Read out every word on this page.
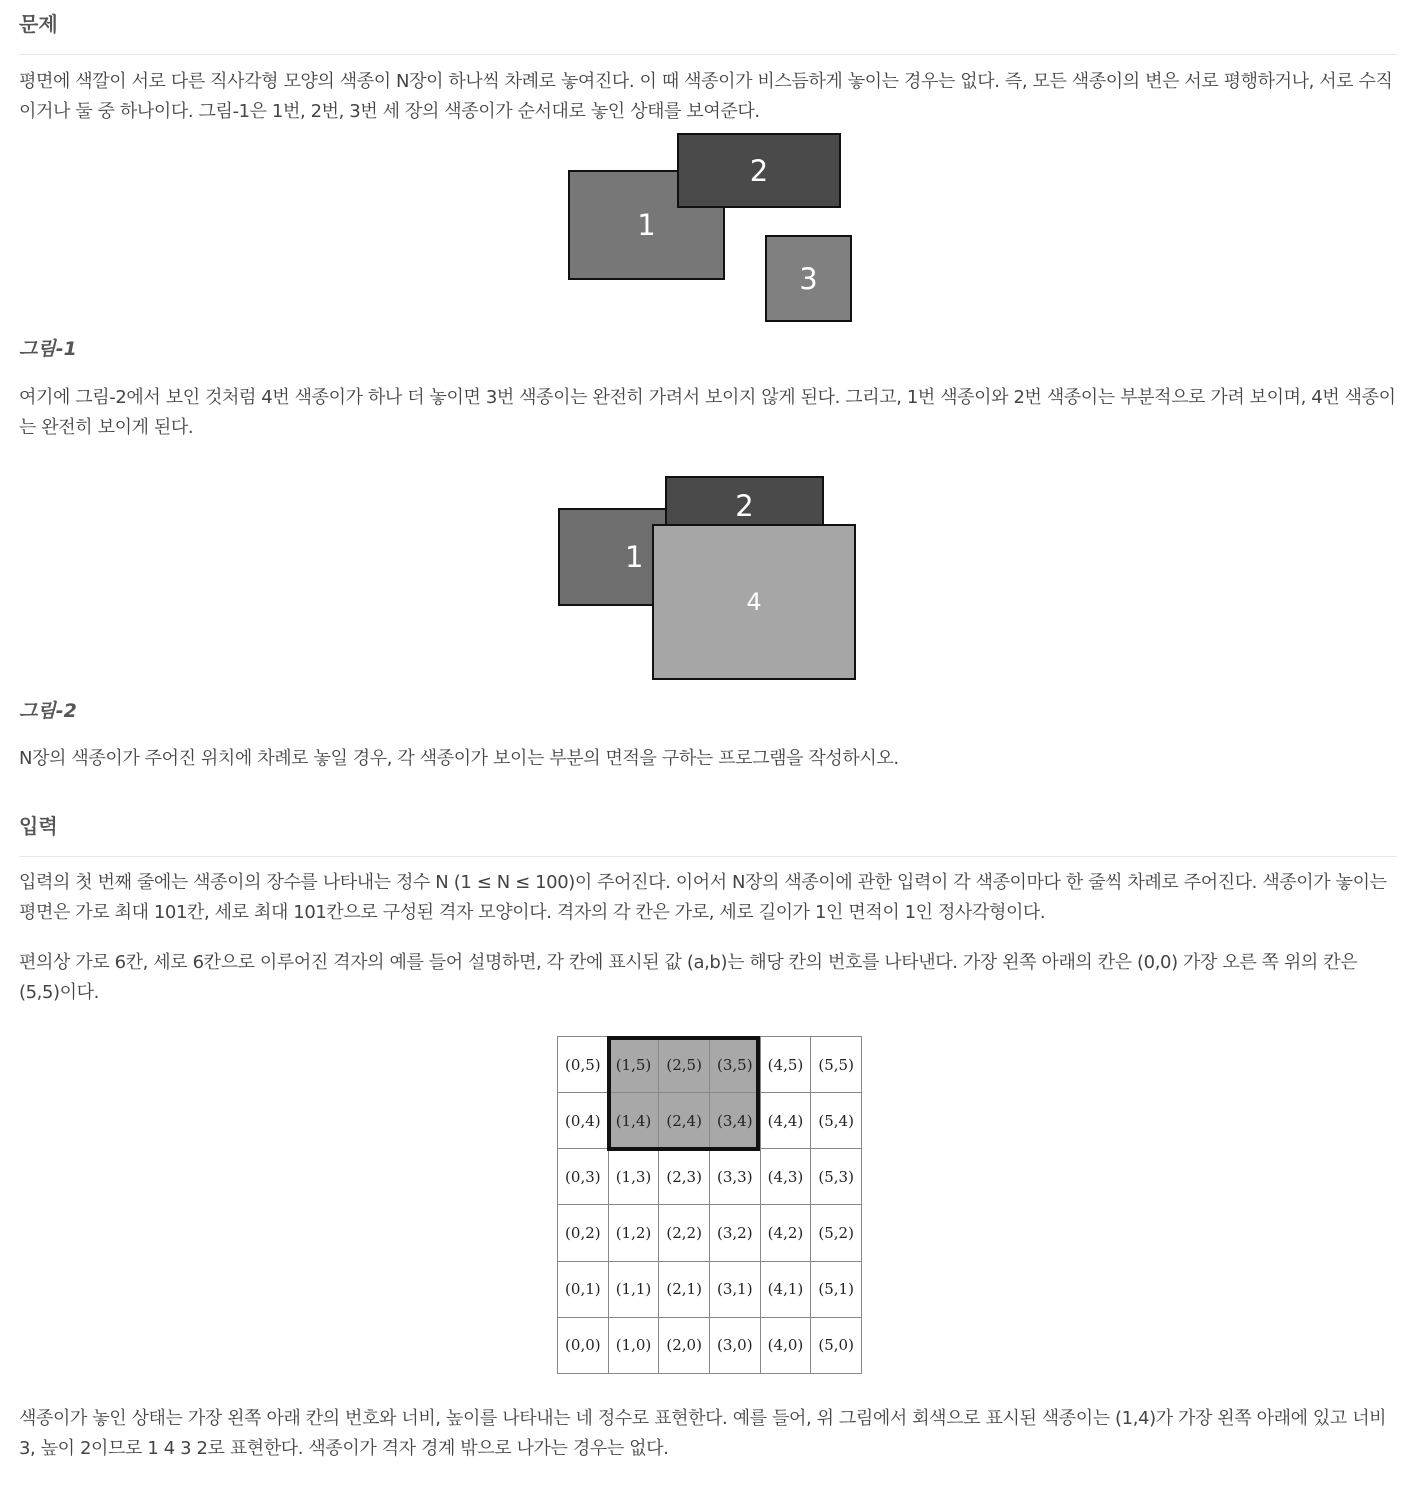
문제

평면에 색깔이 서로 다른 직사각형 모양의 색종이 N장이 하나씩 차례로 놓여진다. 이 때 색종이가 비스듬하게 놓이는 경우는 없다. 즉, 모든 색종이의 변은 서로 평행하거나, 서로 수직이거나 둘 중 하나이다. 그림-1은 1번, 2번, 3번 세 장의 색종이가 순서대로 놓인 상태를 보여준다.

1
2
3

그림-1

여기에 그림-2에서 보인 것처럼 4번 색종이가 하나 더 놓이면 3번 색종이는 완전히 가려서 보이지 않게 된다. 그리고, 1번 색종이와 2번 색종이는 부분적으로 가려 보이며, 4번 색종이는 완전히 보이게 된다.

1
2
4

그림-2

N장의 색종이가 주어진 위치에 차례로 놓일 경우, 각 색종이가 보이는 부분의 면적을 구하는 프로그램을 작성하시오.

입력

입력의 첫 번째 줄에는 색종이의 장수를 나타내는 정수 N (1 ≤ N ≤ 100)이 주어진다. 이어서 N장의 색종이에 관한 입력이 각 색종이마다 한 줄씩 차례로 주어진다. 색종이가 놓이는 평면은 가로 최대 101칸, 세로 최대 101칸으로 구성된 격자 모양이다. 격자의 각 칸은 가로, 세로 길이가 1인 면적이 1인 정사각형이다.

편의상 가로 6칸, 세로 6칸으로 이루어진 격자의 예를 들어 설명하면, 각 칸에 표시된 값 (a,b)는 해당 칸의 번호를 나타낸다. 가장 왼쪽 아래의 칸은 (0,0) 가장 오른 쪽 위의 칸은 (5,5)이다.

(0,5)	(1,5)	(2,5)	(3,5)	(4,5)	(5,5)
(0,4)	(1,4)	(2,4)	(3,4)	(4,4)	(5,4)
(0,3)	(1,3)	(2,3)	(3,3)	(4,3)	(5,3)
(0,2)	(1,2)	(2,2)	(3,2)	(4,2)	(5,2)
(0,1)	(1,1)	(2,1)	(3,1)	(4,1)	(5,1)
(0,0)	(1,0)	(2,0)	(3,0)	(4,0)	(5,0)

색종이가 놓인 상태는 가장 왼쪽 아래 칸의 번호와 너비, 높이를 나타내는 네 정수로 표현한다. 예를 들어, 위 그림에서 회색으로 표시된 색종이는 (1,4)가 가장 왼쪽 아래에 있고 너비 3, 높이 2이므로 1 4 3 2로 표현한다. 색종이가 격자 경계 밖으로 나가는 경우는 없다.
